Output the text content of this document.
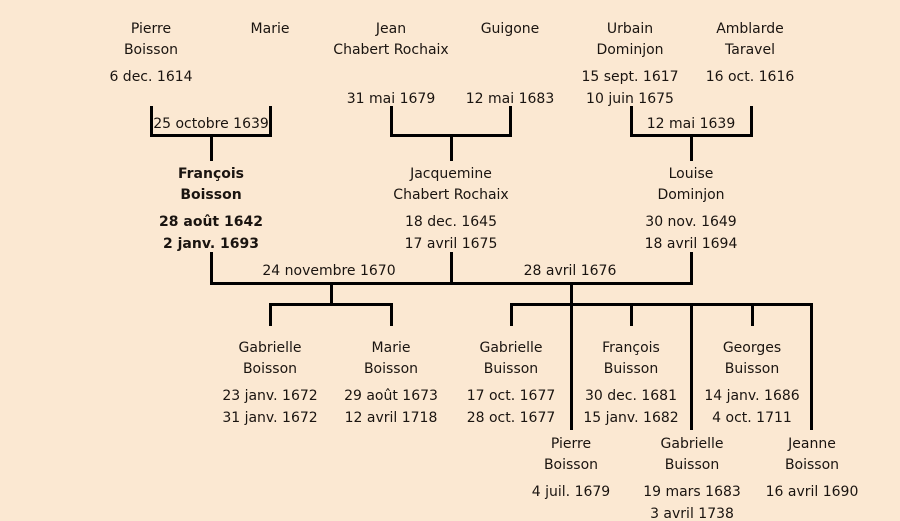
25 octobre 1639	12 mai 1639
24 novembre 1670	28 avril 1676
Pierre
Boisson
6 dec. 1614
Marie	Jean
Chabert Rochaix
31 mai 1679
Guigone
12 mai 1683
Urbain
Dominjon
15 sept. 1617
10 juin 1675
Amblarde
Taravel
16 oct. 1616
François
Boisson
28 août 1642
2 janv. 1693
Jacquemine
Chabert Rochaix
18 dec. 1645
17 avril 1675
Louise
Dominjon
30 nov. 1649
18 avril 1694
Gabrielle
Boisson
23 janv. 1672
31 janv. 1672
Marie
Boisson
29 août 1673
12 avril 1718
Gabrielle
Buisson
17 oct. 1677
28 oct. 1677
François
Buisson
30 dec. 1681
15 janv. 1682
Georges
Buisson
14 janv. 1686
4 oct. 1711
Pierre
Boisson
4 juil. 1679
Gabrielle
Buisson
19 mars 1683
3 avril 1738
Jeanne
Boisson
16 avril 1690
